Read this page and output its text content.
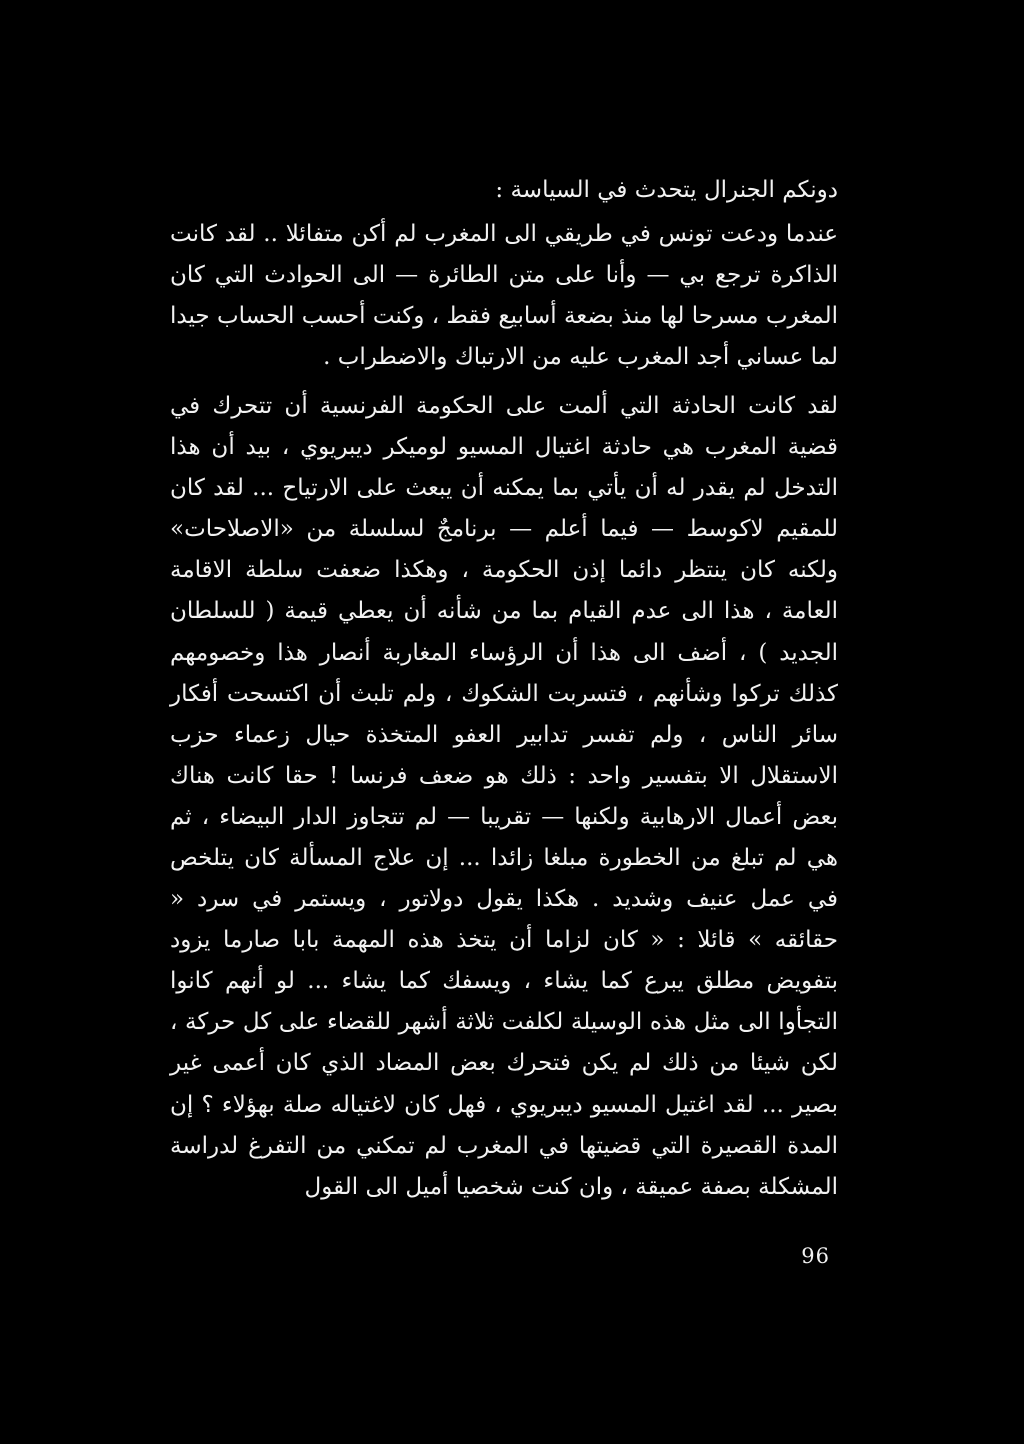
دونكم الجنرال يتحدث في السياسة :

عندما ودعت تونس في طريقي الى المغرب لم أكن متفائلا .. لقد كانت الذاكرة ترجع بي — وأنا على متن الطائرة — الى الحوادث التي كان المغرب مسرحا لها منذ بضعة أسابيع فقط ، وكنت أحسب الحساب جيدا لما عساني أجد المغرب عليه من الارتباك والاضطراب .

لقد كانت الحادثة التي ألمت على الحكومة الفرنسية أن تتحرك في قضية المغرب هي حادثة اغتيال المسيو لوميكر ديبريوي ، بيد أن هذا التدخل لم يقدر له أن يأتي بما يمكنه أن يبعث على الارتياح ... لقد كان للمقيم لاكوسط — فيما أعلم — برنامجٌ لسلسلة من «الاصلاحات» ولكنه كان ينتظر دائما إذن الحكومة ، وهكذا ضعفت سلطة الاقامة العامة ، هذا الى عدم القيام بما من شأنه أن يعطي قيمة ( للسلطان الجديد ) ، أضف الى هذا أن الرؤساء المغاربة أنصار هذا وخصومهم كذلك تركوا وشأنهم ، فتسربت الشكوك ، ولم تلبث أن اكتسحت أفكار سائر الناس ، ولم تفسر تدابير العفو المتخذة حيال زعماء حزب الاستقلال الا بتفسير واحد : ذلك هو ضعف فرنسا ! حقا كانت هناك بعض أعمال الارهابية ولكنها — تقريبا — لم تتجاوز الدار البيضاء ، ثم هي لم تبلغ من الخطورة مبلغا زائدا ... إن علاج المسألة كان يتلخص في عمل عنيف وشديد . هكذا يقول دولاتور ، ويستمر في سرد « حقائقه » قائلا : « كان لزاما أن يتخذ هذه المهمة بابا صارما يزود بتفويض مطلق يبرع كما يشاء ، ويسفك كما يشاء ... لو أنهم كانوا التجأوا الى مثل هذه الوسيلة لكلفت ثلاثة أشهر للقضاء على كل حركة ، لكن شيئا من ذلك لم يكن فتحرك بعض المضاد الذي كان أعمى غير بصير ... لقد اغتيل المسيو ديبريوي ، فهل كان لاغتياله صلة بهؤلاء ؟ إن المدة القصيرة التي قضيتها في المغرب لم تمكني من التفرغ لدراسة المشكلة بصفة عميقة ، وان كنت شخصيا أميل الى القول

96
